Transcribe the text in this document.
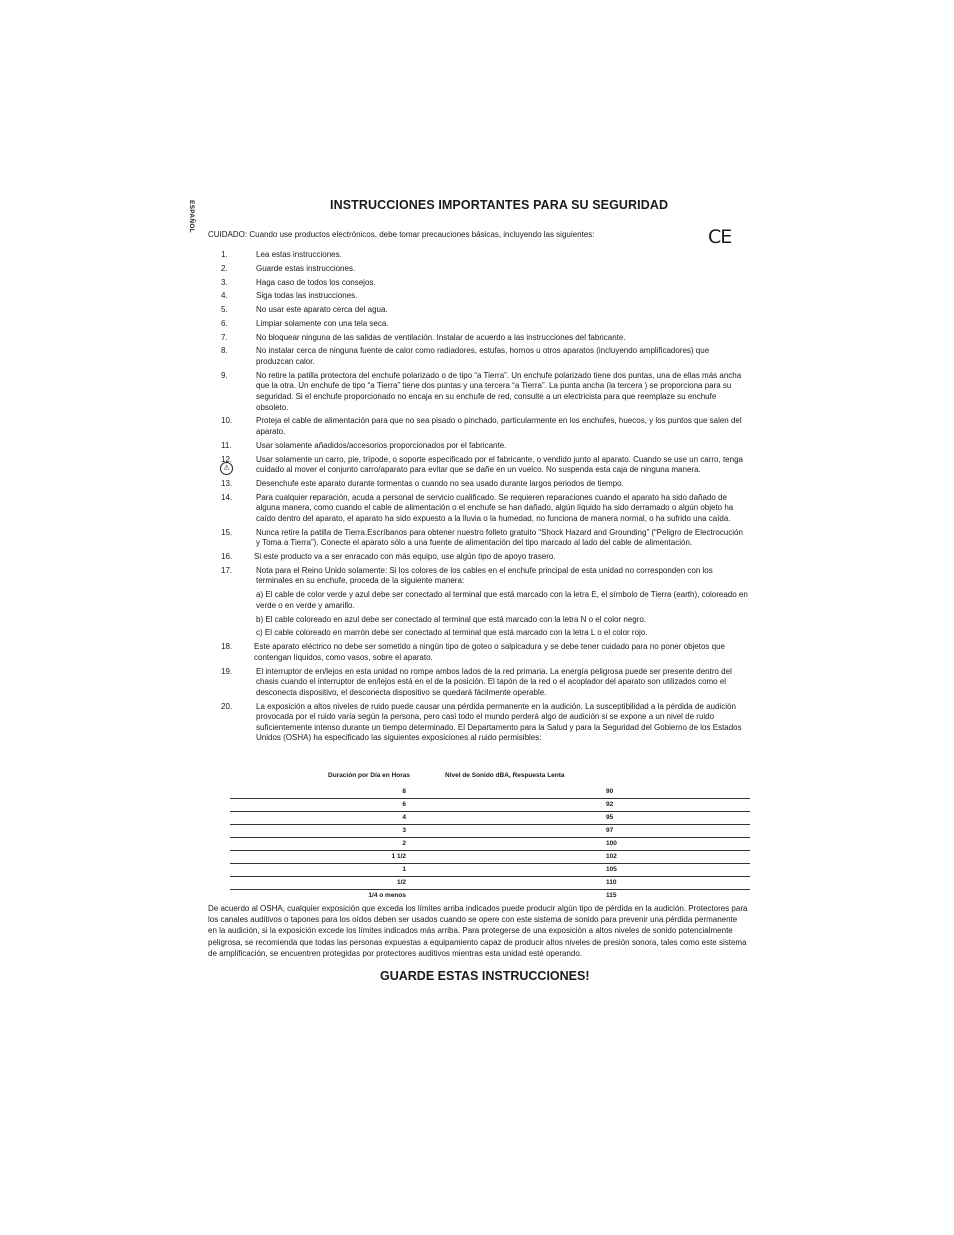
ESPAÑOL	INSTRUCCIONES IMPORTANTES PARA SU SEGURIDAD
CE
CUIDADO: Cuando use productos electrónicos, debe tomar precauciones básicas, incluyendo las siguientes:
⚠
1.	Lea estas instrucciones.
2.	Guarde estas instrucciones.
3.	Haga caso de todos los consejos.
4.	Siga todas las instrucciones.
5.	No usar este aparato cerca del agua.
6.	Limpiar solamente con una tela seca.
7.	No bloquear ninguna de las salidas de ventilación. Instalar de acuerdo a las instrucciones del fabricante.
8.	No instalar cerca de ninguna fuente de calor como radiadores, estufas, hornos u otros aparatos (incluyendo amplificadores) que produzcan calor.
9.	No retire la patilla protectora del enchufe polarizado o de tipo “a Tierra”. Un enchufe polarizado tiene dos puntas, una de ellas más ancha que la otra. Un enchufe de tipo “a Tierra” tiene dos puntas y una tercera “a Tierra”. La punta ancha (la tercera ) se proporciona para su seguridad. Si el enchufe proporcionado no encaja en su enchufe de red, consulte a un electricista para que reemplaze su enchufe obsoleto.
10.	Proteja el cable de alimentación para que no sea pisado o pinchado, particularmente en los enchufes, huecos, y los puntos que salen del aparato.
11.	Usar solamente añadidos/accesorios proporcionados por el fabricante.
12.	Usar solamente un carro, pie, trípode, o soporte especificado por el fabricante, o vendido junto al aparato. Cuando se use un carro, tenga cuidado al mover el conjunto carro/aparato para evitar que se dañe en un vuelco. No suspenda esta caja de ninguna manera.
13.	Desenchufe este aparato durante tormentas o cuando no sea usado durante largos periodos de tiempo.
14.	Para cualquier reparación, acuda a personal de servicio cualificado. Se requieren reparaciones cuando el aparato ha sido dañado de alguna manera, como cuando el cable de alimentación o el enchufe se han dañado, algún líquido ha sido derramado o algún objeto ha caído dentro del aparato, el aparato ha sido expuesto a la lluvia o la humedad, no funciona de manera normal, o ha sufrido una caída.
15.	Nunca retire la patilla de Tierra.Escríbanos para obtener nuestro folleto gratuito “Shock Hazard and Grounding” (“Peligro de Electrocución y Toma a Tierra”). Conecte el aparato sólo a una fuente de alimentación del tipo marcado al lado del cable de alimentación.
16.	Si este producto va a ser enracado con más equipo, use algún tipo de apoyo trasero.
17.	Nota para el Reino Unido solamente: Si los colores de los cables en el enchufe principal de esta unidad no corresponden con los terminales en su enchufe, proceda de la siguiente manera:
a) El cable de color verde y azul debe ser conectado al terminal que está marcado con la letra E, el símbolo de Tierra (earth), coloreado en verde o en verde y amarillo.
b) El cable coloreado en azul debe ser conectado al terminal que está marcado con la letra N o el color negro.
c) El cable coloreado en marrón debe ser conectado al terminal que está marcado con la letra L o el color rojo.
18.	Este aparato eléctrico no debe ser sometido a ningún tipo de goteo o salpicadura y se debe tener cuidado para no poner objetos que contengan líquidos, como vasos, sobre el aparato.
19.	El interruptor de en/lejos en esta unidad no rompe ambos lados de la red primaria. La energía peligrosa puede ser presente dentro del chasis cuando el interruptor de en/lejos está en el de la posición. El tapón de la red o el acoplador del aparato son utilizados como el desconecta dispositivo, el desconecta dispositivo se quedará fácilmente operable.
20.	La exposición a altos niveles de ruido puede causar una pérdida permanente en la audición. La susceptibilidad a la pérdida de audición provocada por el ruido varía según la persona, pero casi todo el mundo perderá algo de audición si se expone a un nivel de ruido suficientemente intenso durante un tiempo determinado. El Departamento para la Salud y para la Seguridad del Gobierno de los Estados Unidos (OSHA) ha especificado las siguientes exposiciones al ruido permisibles:
Duración por Día en Horas	Nivel de Sonido dBA, Respuesta Lenta
8	90
6	92
4	95
3	97
2	100
1 1/2	102
1	105
1/2	110
1/4 o menos	115
De acuerdo al OSHA, cualquier exposición que exceda los límites arriba indicados puede producir algún tipo de pérdida en la audición. Protectores para los canales auditivos o tapones para los oídos deben ser usados cuando se opere con este sistema de sonido para prevenir una pérdida permanente en la audición, si la exposición excede los límites indicados más arriba. Para protegerse de una exposición a altos niveles de sonido potencialmente peligrosa, se recomienda que todas las personas expuestas a equipamiento capaz de producir altos niveles de presión sonora, tales como este sistema de amplificación, se encuentren protegidas por protectores auditivos mientras esta unidad esté operando.
GUARDE ESTAS INSTRUCCIONES!
